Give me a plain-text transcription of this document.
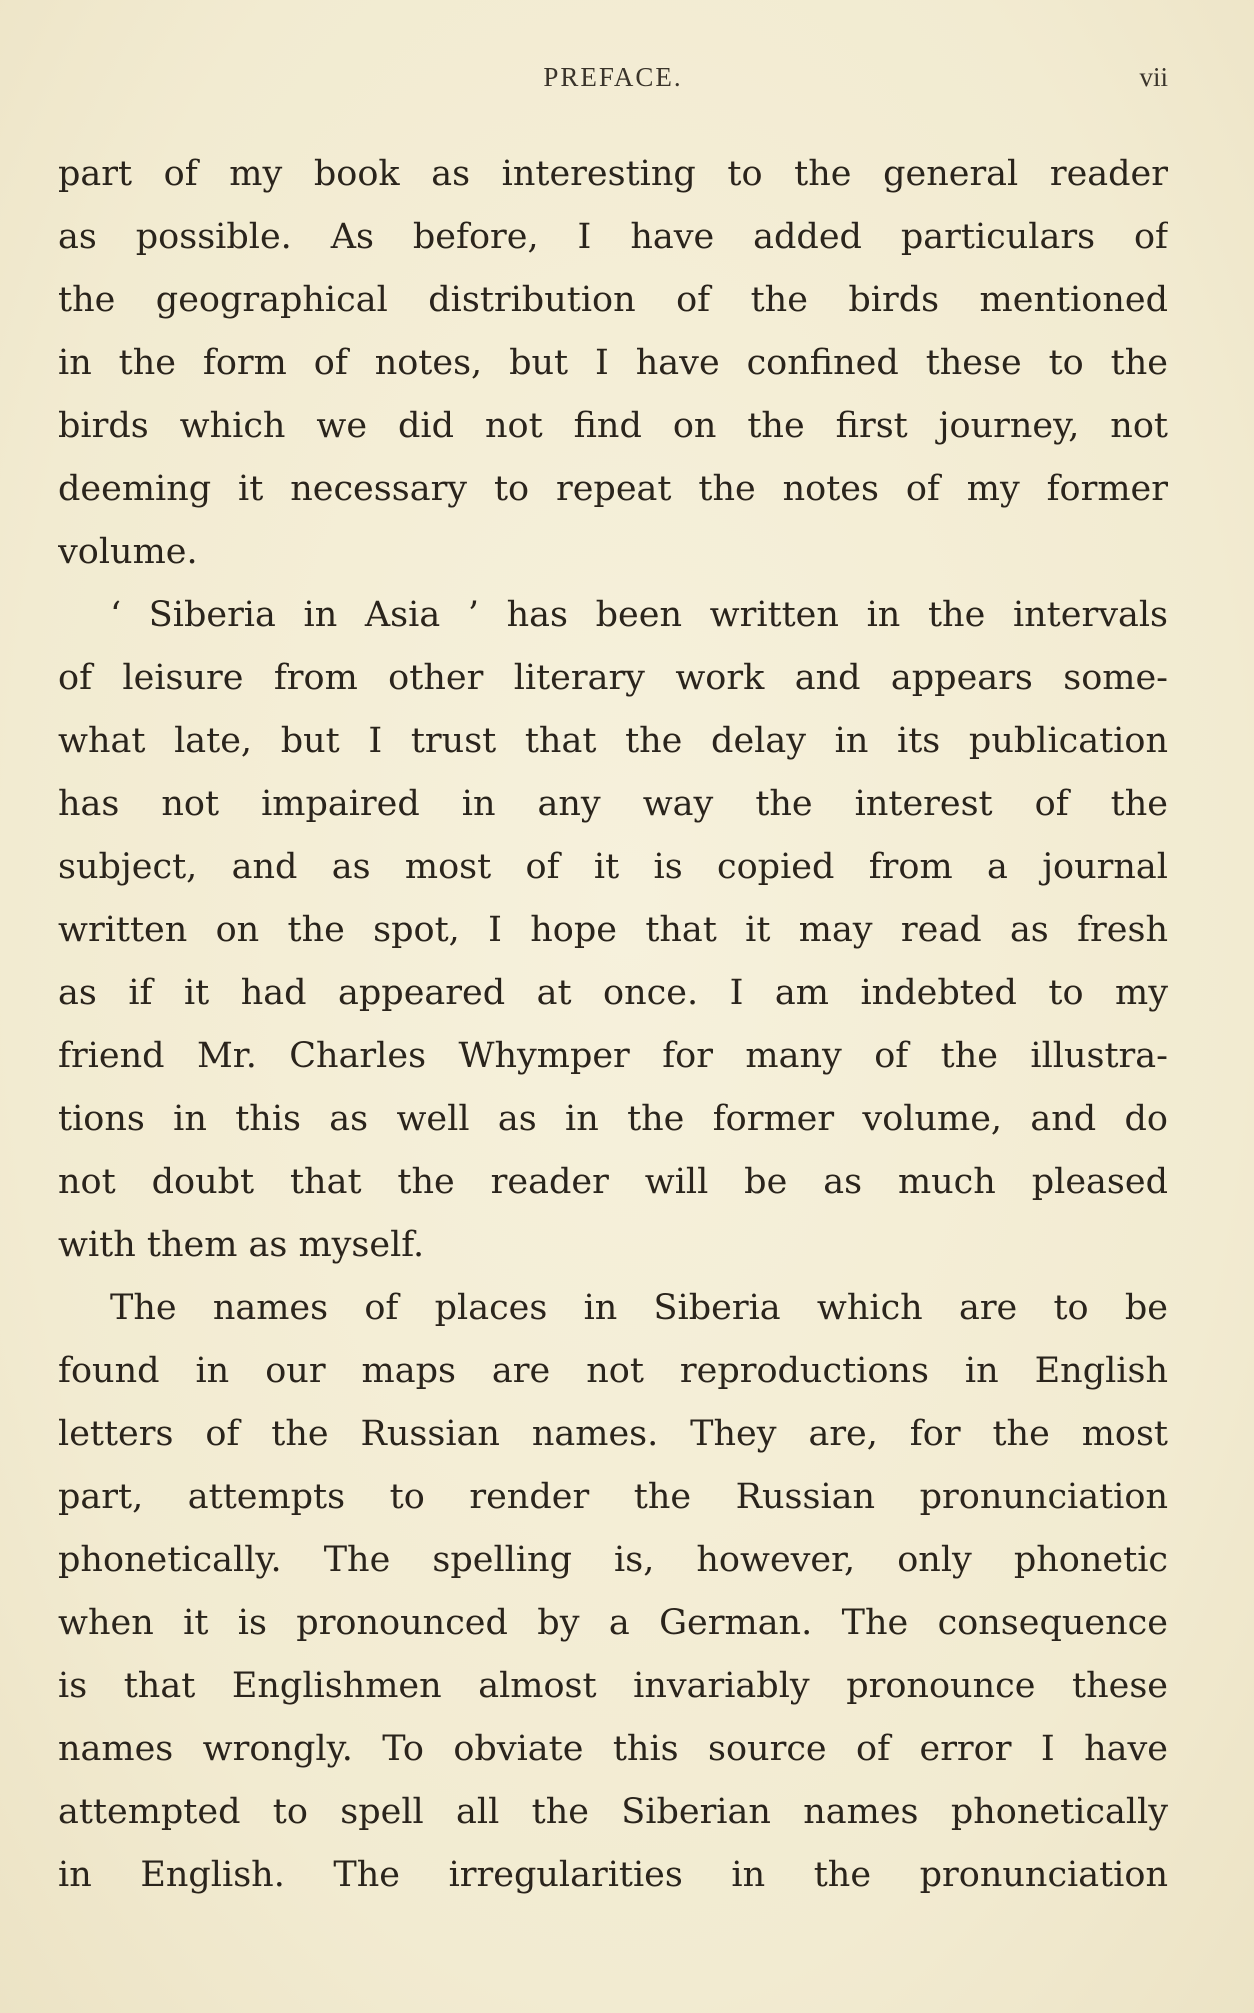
PREFACE.	vii
part of my book as interesting to the general reader
as possible. As before, I have added particulars of
the geographical distribution of the birds mentioned
in the form of notes, but I have confined these to the
birds which we did not find on the first journey, not
deeming it necessary to repeat the notes of my former
volume.
‘ Siberia in Asia ’ has been written in the intervals
of leisure from other literary work and appears some-
what late, but I trust that the delay in its publication
has not impaired in any way the interest of the
subject, and as most of it is copied from a journal
written on the spot, I hope that it may read as fresh
as if it had appeared at once. I am indebted to my
friend Mr. Charles Whymper for many of the illustra-
tions in this as well as in the former volume, and do
not doubt that the reader will be as much pleased
with them as myself.
The names of places in Siberia which are to be
found in our maps are not reproductions in English
letters of the Russian names. They are, for the most
part, attempts to render the Russian pronunciation
phonetically. The spelling is, however, only phonetic
when it is pronounced by a German. The consequence
is that Englishmen almost invariably pronounce these
names wrongly. To obviate this source of error I have
attempted to spell all the Siberian names phonetically
in English. The irregularities in the pronunciation
